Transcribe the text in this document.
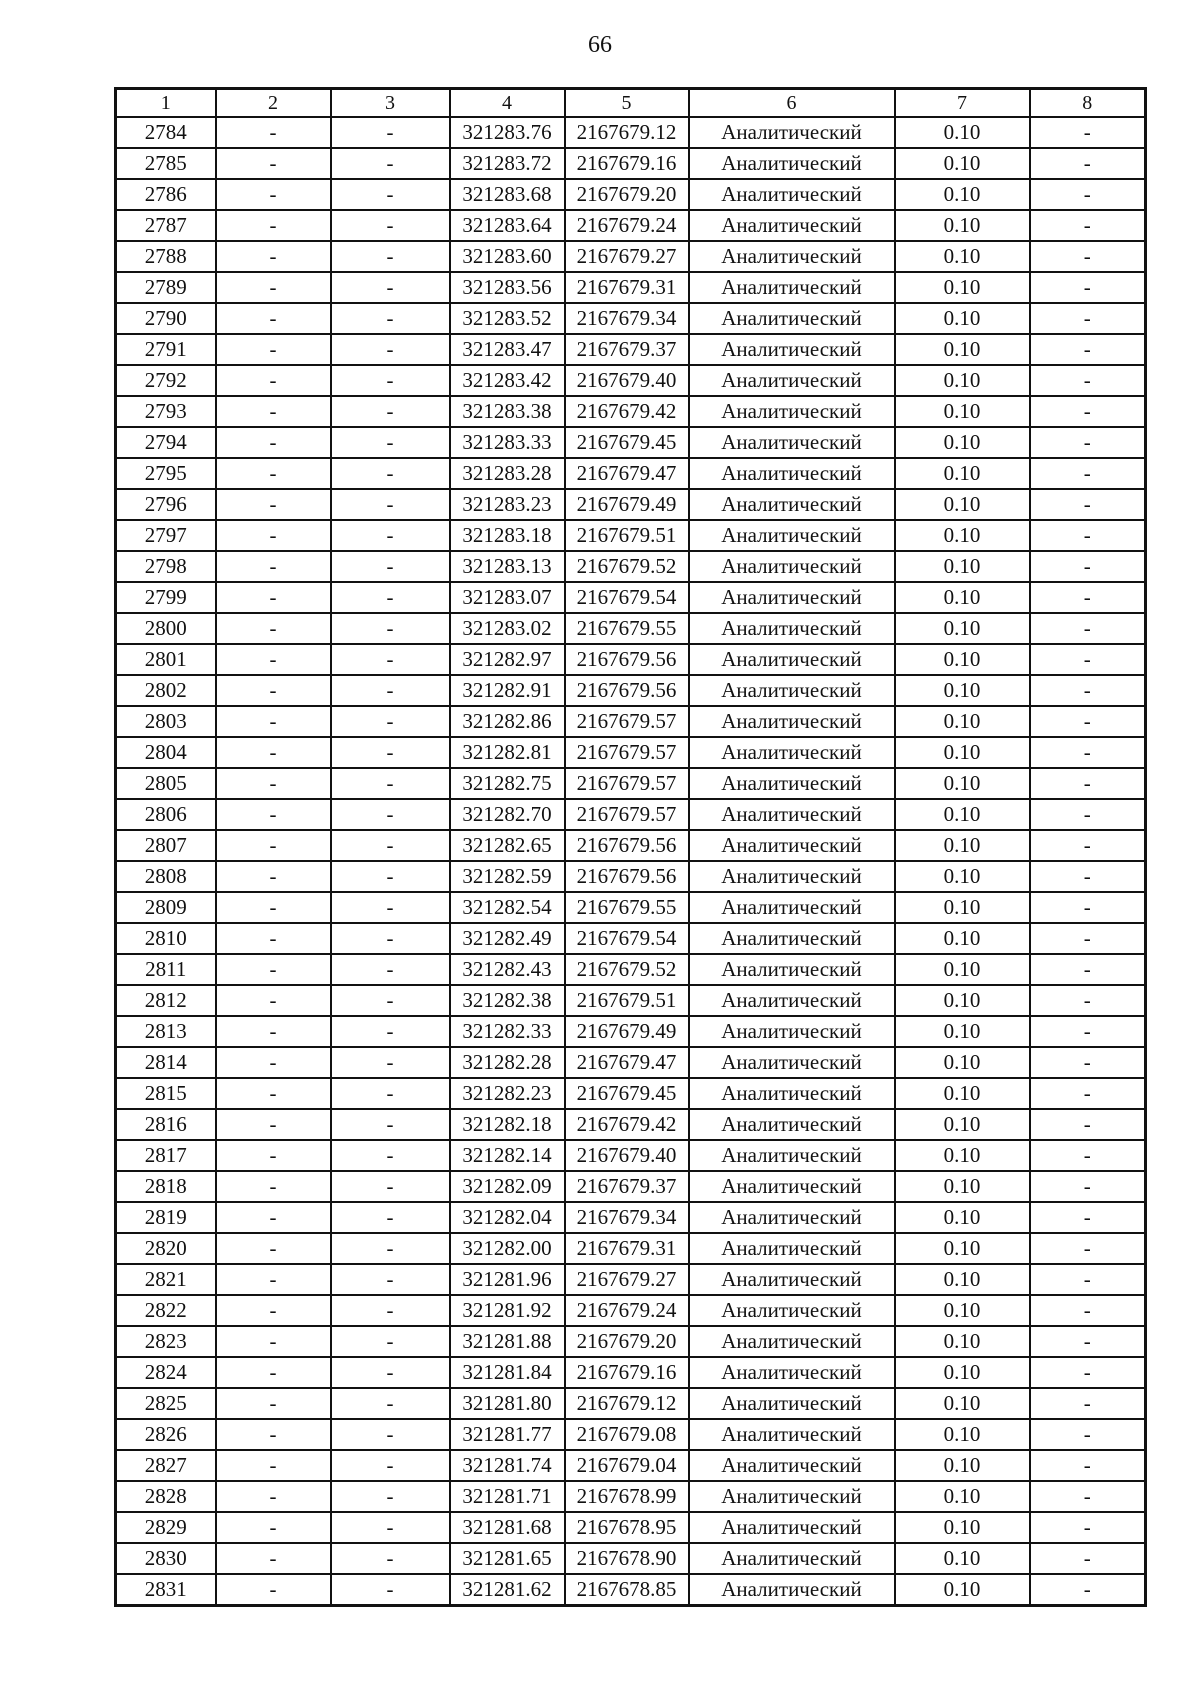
66
1	2	3	4	5	6	7	8
2784	-	-	321283.76	2167679.12	Аналитический	0.10	-
2785	-	-	321283.72	2167679.16	Аналитический	0.10	-
2786	-	-	321283.68	2167679.20	Аналитический	0.10	-
2787	-	-	321283.64	2167679.24	Аналитический	0.10	-
2788	-	-	321283.60	2167679.27	Аналитический	0.10	-
2789	-	-	321283.56	2167679.31	Аналитический	0.10	-
2790	-	-	321283.52	2167679.34	Аналитический	0.10	-
2791	-	-	321283.47	2167679.37	Аналитический	0.10	-
2792	-	-	321283.42	2167679.40	Аналитический	0.10	-
2793	-	-	321283.38	2167679.42	Аналитический	0.10	-
2794	-	-	321283.33	2167679.45	Аналитический	0.10	-
2795	-	-	321283.28	2167679.47	Аналитический	0.10	-
2796	-	-	321283.23	2167679.49	Аналитический	0.10	-
2797	-	-	321283.18	2167679.51	Аналитический	0.10	-
2798	-	-	321283.13	2167679.52	Аналитический	0.10	-
2799	-	-	321283.07	2167679.54	Аналитический	0.10	-
2800	-	-	321283.02	2167679.55	Аналитический	0.10	-
2801	-	-	321282.97	2167679.56	Аналитический	0.10	-
2802	-	-	321282.91	2167679.56	Аналитический	0.10	-
2803	-	-	321282.86	2167679.57	Аналитический	0.10	-
2804	-	-	321282.81	2167679.57	Аналитический	0.10	-
2805	-	-	321282.75	2167679.57	Аналитический	0.10	-
2806	-	-	321282.70	2167679.57	Аналитический	0.10	-
2807	-	-	321282.65	2167679.56	Аналитический	0.10	-
2808	-	-	321282.59	2167679.56	Аналитический	0.10	-
2809	-	-	321282.54	2167679.55	Аналитический	0.10	-
2810	-	-	321282.49	2167679.54	Аналитический	0.10	-
2811	-	-	321282.43	2167679.52	Аналитический	0.10	-
2812	-	-	321282.38	2167679.51	Аналитический	0.10	-
2813	-	-	321282.33	2167679.49	Аналитический	0.10	-
2814	-	-	321282.28	2167679.47	Аналитический	0.10	-
2815	-	-	321282.23	2167679.45	Аналитический	0.10	-
2816	-	-	321282.18	2167679.42	Аналитический	0.10	-
2817	-	-	321282.14	2167679.40	Аналитический	0.10	-
2818	-	-	321282.09	2167679.37	Аналитический	0.10	-
2819	-	-	321282.04	2167679.34	Аналитический	0.10	-
2820	-	-	321282.00	2167679.31	Аналитический	0.10	-
2821	-	-	321281.96	2167679.27	Аналитический	0.10	-
2822	-	-	321281.92	2167679.24	Аналитический	0.10	-
2823	-	-	321281.88	2167679.20	Аналитический	0.10	-
2824	-	-	321281.84	2167679.16	Аналитический	0.10	-
2825	-	-	321281.80	2167679.12	Аналитический	0.10	-
2826	-	-	321281.77	2167679.08	Аналитический	0.10	-
2827	-	-	321281.74	2167679.04	Аналитический	0.10	-
2828	-	-	321281.71	2167678.99	Аналитический	0.10	-
2829	-	-	321281.68	2167678.95	Аналитический	0.10	-
2830	-	-	321281.65	2167678.90	Аналитический	0.10	-
2831	-	-	321281.62	2167678.85	Аналитический	0.10	-
